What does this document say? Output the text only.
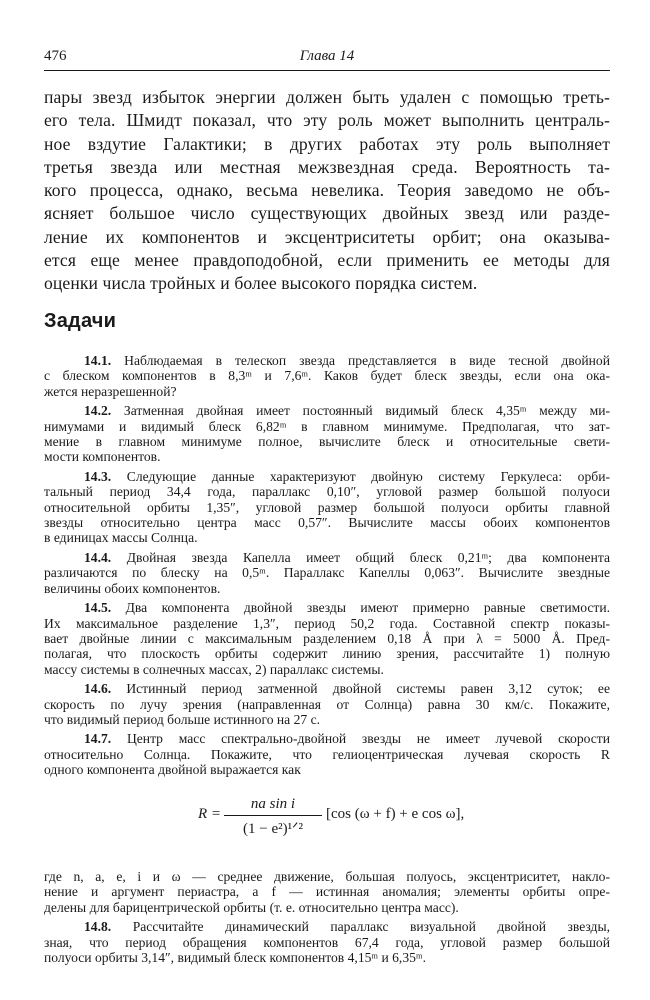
476	Глава 14
пары звезд избыток энергии должен быть удален с помощью треть-
его тела. Шмидт показал, что эту роль может выполнить централь-
ное вздутие Галактики; в других работах эту роль выполняет
третья звезда или местная межзвездная среда. Вероятность та-
кого процесса, однако, весьма невелика. Теория заведомо не объ-
ясняет большое число существующих двойных звезд или разде-
ление их компонентов и эксцентриситеты орбит; она оказыва-
ется еще менее правдоподобной, если применить ее методы для
оценки числа тройных и более высокого порядка систем.
Задачи
14.1. Наблюдаемая в телескоп звезда представляется в виде тесной двойной
с блеском компонентов в 8,3ᵐ и 7,6ᵐ. Каков будет блеск звезды, если она ока-
жется неразрешенной?
14.2. Затменная двойная имеет постоянный видимый блеск 4,35ᵐ между ми-
нимумами и видимый блеск 6,82ᵐ в главном минимуме. Предполагая, что зат-
мение в главном минимуме полное, вычислите блеск и относительные свети-
мости компонентов.
14.3. Следующие данные характеризуют двойную систему Геркулеса: орби-
тальный период 34,4 года, параллакс 0,10″, угловой размер большой полуоси
относительной орбиты 1,35″, угловой размер большой полуоси орбиты главной
звезды относительно центра масс 0,57″. Вычислите массы обоих компонентов
в единицах массы Солнца.
14.4. Двойная звезда Капелла имеет общий блеск 0,21ᵐ; два компонента
различаются по блеску на 0,5ᵐ. Параллакс Капеллы 0,063″. Вычислите звездные
величины обоих компонентов.
14.5. Два компонента двойной звезды имеют примерно равные светимости.
Их максимальное разделение 1,3″, период 50,2 года. Составной спектр показы-
вает двойные линии с максимальным разделением 0,18 Å при λ = 5000 Å. Пред-
полагая, что плоскость орбиты содержит линию зрения, рассчитайте 1) полную
массу системы в солнечных массах, 2) параллакс системы.
14.6. Истинный период затменной двойной системы равен 3,12 суток; ее
скорость по лучу зрения (направленная от Солнца) равна 30 км/с. Покажите,
что видимый период больше истинного на 27 с.
14.7. Центр масс спектрально-двойной звезды не имеет лучевой скорости
относительно Солнца. Покажите, что гелиоцентрическая лучевая скорость R
одного компонента двойной выражается как
R =
na sin i
(1 − e²)¹ᐟ²
[cos (ω + f) + e cos ω],
где n, a, e, i и ω — среднее движение, большая полуось, эксцентриситет, накло-
нение и аргумент периастра, а f — истинная аномалия; элементы орбиты опре-
делены для барицентрической орбиты (т. е. относительно центра масс).
14.8. Рассчитайте динамический параллакс визуальной двойной звезды,
зная, что период обращения компонентов 67,4 года, угловой размер большой
полуоси орбиты 3,14″, видимый блеск компонентов 4,15ᵐ и 6,35ᵐ.
